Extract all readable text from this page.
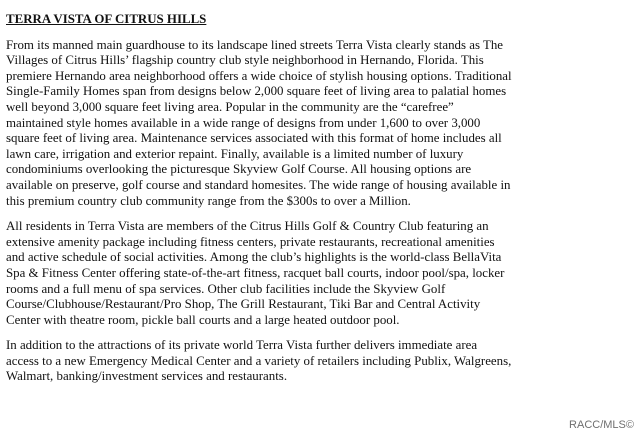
TERRA VISTA OF CITRUS HILLS

From its manned main guardhouse to its landscape lined streets Terra Vista clearly stands as The Villages of Citrus Hills’ flagship country club style neighborhood in Hernando, Florida. This premiere Hernando area neighborhood offers a wide choice of stylish housing options. Traditional Single-Family Homes span from designs below 2,000 square feet of living area to palatial homes well beyond 3,000 square feet living area. Popular in the community are the “carefree” maintained style homes available in a wide range of designs from under 1,600 to over 3,000 square feet of living area. Maintenance services associated with this format of home includes all lawn care, irrigation and exterior repaint. Finally, available is a limited number of luxury condominiums overlooking the picturesque Skyview Golf Course. All housing options are available on preserve, golf course and standard homesites. The wide range of housing available in this premium country club community range from the $300s to over a Million.

All residents in Terra Vista are members of the Citrus Hills Golf & Country Club featuring an extensive amenity package including fitness centers, private restaurants, recreational amenities and active schedule of social activities. Among the club’s highlights is the world-class BellaVita Spa & Fitness Center offering state-of-the-art fitness, racquet ball courts, indoor pool/spa, locker rooms and a full menu of spa services. Other club facilities include the Skyview Golf Course/Clubhouse/Restaurant/Pro Shop, The Grill Restaurant, Tiki Bar and Central Activity Center with theatre room, pickle ball courts and a large heated outdoor pool.

In addition to the attractions of its private world Terra Vista further delivers immediate area access to a new Emergency Medical Center and a variety of retailers including Publix, Walgreens, Walmart, banking/investment services and restaurants.

RACC/MLS©
